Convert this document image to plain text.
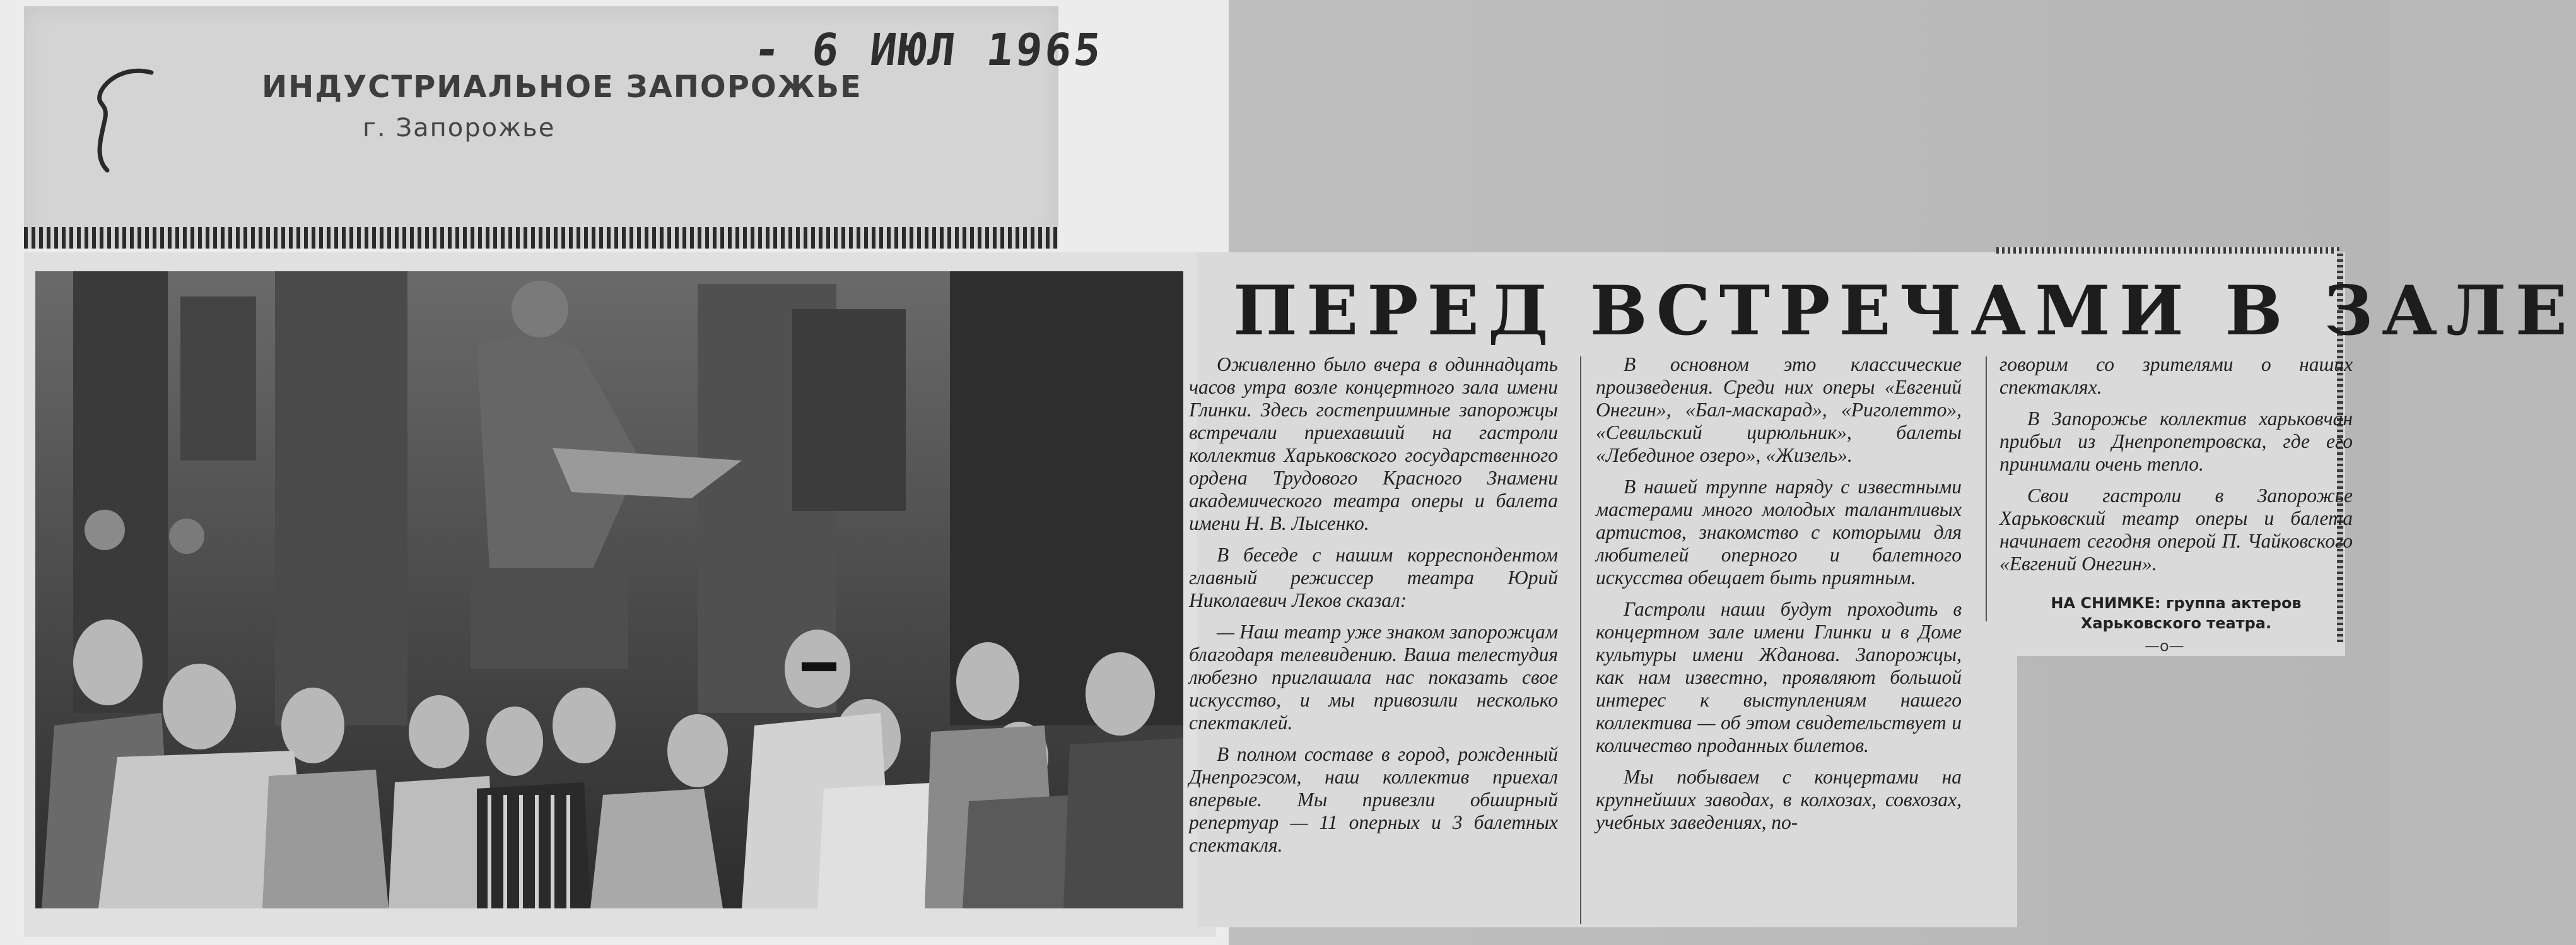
- 6 ИЮЛ 1965
ИНДУСТРИАЛЬНОЕ ЗАПОРОЖЬЕ
г. Запорожье
ПЕРЕД ВСТРЕЧАМИ В ЗАЛЕ

Оживленно было вчера в одиннадцать часов утра возле концертного зала имени Глинки. Здесь гостеприимные запорожцы встречали приехавший на гастроли коллектив Харьковского государственного ордена Трудового Красного Знамени академического театра оперы и балета имени Н. В. Лысенко.

В беседе с нашим корреспондентом главный режиссер театра Юрий Николаевич Леков сказал:

— Наш театр уже знаком запорожцам благодаря телевидению. Ваша телестудия любезно приглашала нас показать свое искусство, и мы привозили несколько спектаклей.

В полном составе в город, рожденный Днепрогэсом, наш коллектив приехал впервые. Мы привезли обширный репертуар — 11 оперных и 3 балетных спектакля.

В основном это классические произведения. Среди них оперы «Евгений Онегин», «Бал-маскарад», «Риголетто», «Севильский цирюльник», балеты «Лебединое озеро», «Жизель».

В нашей труппе наряду с известными мастерами много молодых талантливых артистов, знакомство с которыми для любителей оперного и балетного искусства обещает быть приятным.

Гастроли наши будут проходить в концертном зале имени Глинки и в Доме культуры имени Жданова. Запорожцы, как нам известно, проявляют большой интерес к выступлениям нашего коллектива — об этом свидетельствует и количество проданных билетов.

Мы побываем с концертами на крупнейших заводах, в колхозах, совхозах, учебных заведениях, по-

говорим со зрителями о наших спектаклях.

В Запорожье коллектив харьковчан прибыл из Днепропетровска, где его принимали очень тепло.

Свои гастроли в Запорожье Харьковский театр оперы и балета начинает сегодня оперой П. Чайковского «Евгений Онегин».

НА СНИМКЕ: группа актеров Харьковского театра.
—о—
